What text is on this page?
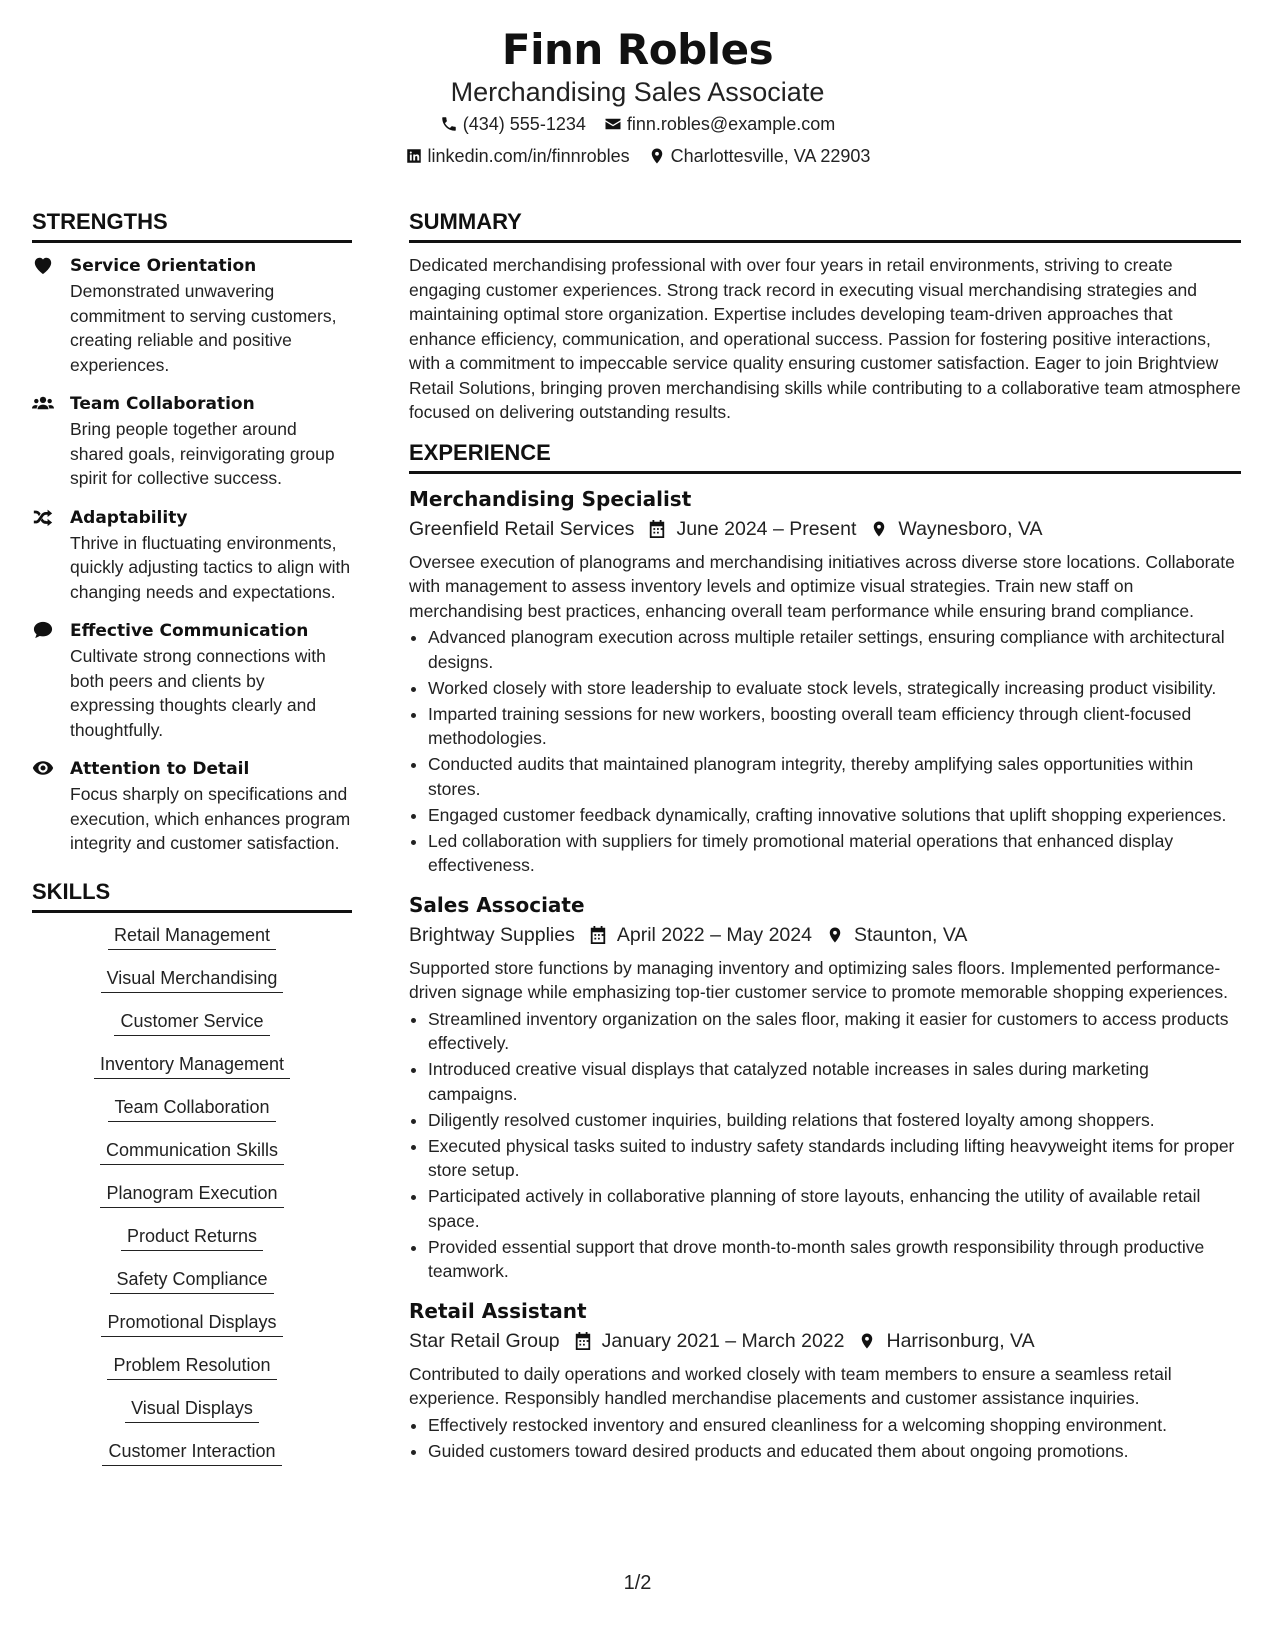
Finn Robles
Merchandising Sales Associate
(434) 555-1234 finn.robles@example.com
linkedin.com/in/finnrobles Charlottesville, VA 22903
STRENGTHS
Service Orientation
Demonstrated unwavering commitment to serving customers, creating reliable and positive experiences.
Team Collaboration
Bring people together around shared goals, reinvigorating group spirit for collective success.
Adaptability
Thrive in fluctuating environments, quickly adjusting tactics to align with changing needs and expectations.
Effective Communication
Cultivate strong connections with both peers and clients by expressing thoughts clearly and thoughtfully.
Attention to Detail
Focus sharply on specifications and execution, which enhances program integrity and customer satisfaction.
SKILLS
Retail Management
Visual Merchandising
Customer Service
Inventory Management
Team Collaboration
Communication Skills
Planogram Execution
Product Returns
Safety Compliance
Promotional Displays
Problem Resolution
Visual Displays
Customer Interaction
SUMMARY
Dedicated merchandising professional with over four years in retail environments, striving to create engaging customer experiences. Strong track record in executing visual merchandising strategies and maintaining optimal store organization. Expertise includes developing team-driven approaches that enhance efficiency, communication, and operational success. Passion for fostering positive interactions, with a commitment to impeccable service quality ensuring customer satisfaction. Eager to join Brightview Retail Solutions, bringing proven merchandising skills while contributing to a collaborative team atmosphere focused on delivering outstanding results.
EXPERIENCE
Merchandising Specialist
Greenfield Retail Services June 2024 – Present Waynesboro, VA
Oversee execution of planograms and merchandising initiatives across diverse store locations. Collaborate with management to assess inventory levels and optimize visual strategies. Train new staff on merchandising best practices, enhancing overall team performance while ensuring brand compliance.
• Advanced planogram execution across multiple retailer settings, ensuring compliance with architectural designs.
• Worked closely with store leadership to evaluate stock levels, strategically increasing product visibility.
• Imparted training sessions for new workers, boosting overall team efficiency through client-focused methodologies.
• Conducted audits that maintained planogram integrity, thereby amplifying sales opportunities within stores.
• Engaged customer feedback dynamically, crafting innovative solutions that uplift shopping experiences.
• Led collaboration with suppliers for timely promotional material operations that enhanced display effectiveness.
Sales Associate
Brightway Supplies April 2022 – May 2024 Staunton, VA
Supported store functions by managing inventory and optimizing sales floors. Implemented performance-driven signage while emphasizing top-tier customer service to promote memorable shopping experiences.
• Streamlined inventory organization on the sales floor, making it easier for customers to access products effectively.
• Introduced creative visual displays that catalyzed notable increases in sales during marketing campaigns.
• Diligently resolved customer inquiries, building relations that fostered loyalty among shoppers.
• Executed physical tasks suited to industry safety standards including lifting heavyweight items for proper store setup.
• Participated actively in collaborative planning of store layouts, enhancing the utility of available retail space.
• Provided essential support that drove month-to-month sales growth responsibility through productive teamwork.
Retail Assistant
Star Retail Group January 2021 – March 2022 Harrisonburg, VA
Contributed to daily operations and worked closely with team members to ensure a seamless retail experience. Responsibly handled merchandise placements and customer assistance inquiries.
• Effectively restocked inventory and ensured cleanliness for a welcoming shopping environment.
• Guided customers toward desired products and educated them about ongoing promotions.
1/2
